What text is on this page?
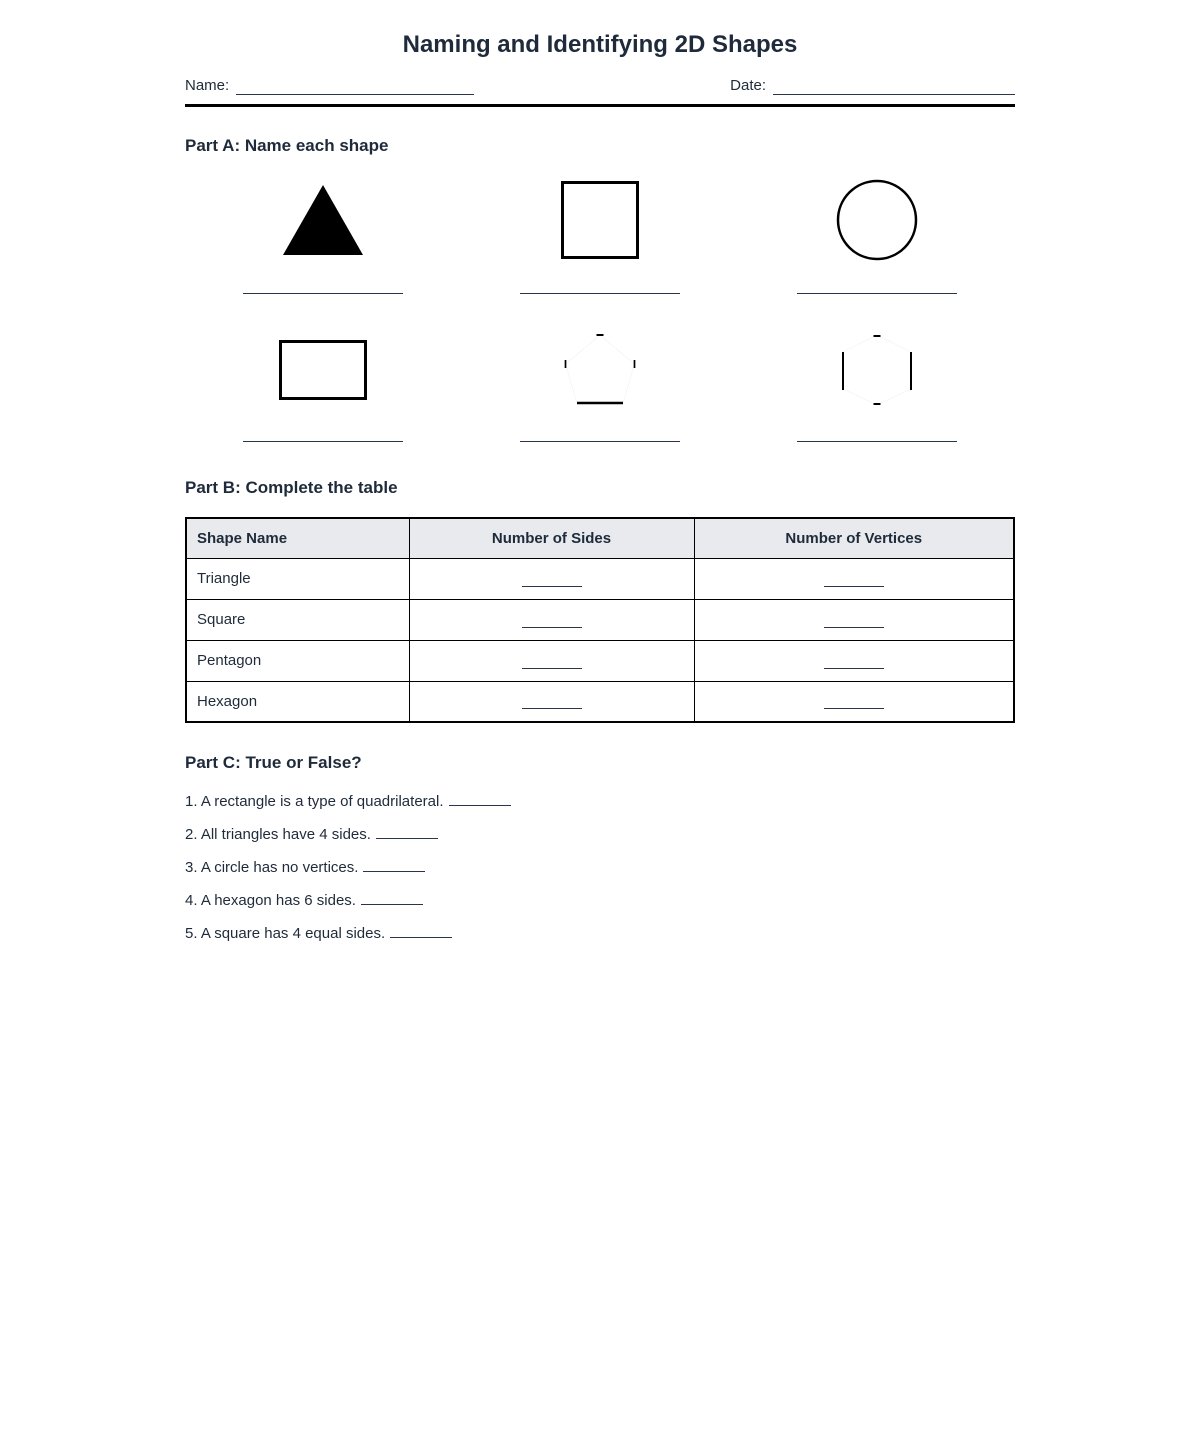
Naming and Identifying 2D Shapes
Name:	Date:
Part A: Name each shape
Part B: Complete the table
Shape Name	Number of Sides	Number of Vertices
Triangle		
Square		
Pentagon		
Hexagon		
Part C: True or False?

1. A rectangle is a type of quadrilateral.

2. All triangles have 4 sides.

3. A circle has no vertices.

4. A hexagon has 6 sides.

5. A square has 4 equal sides.
